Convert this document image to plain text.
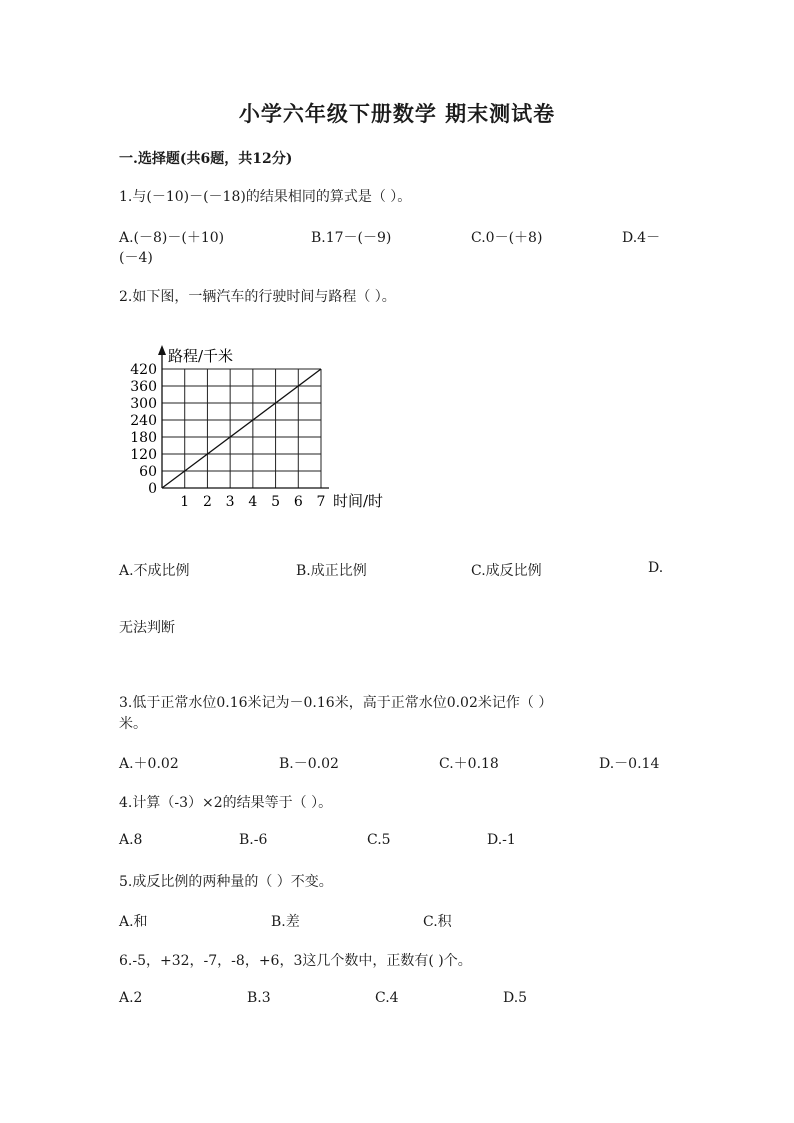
小学六年级下册数学 期末测试卷
一.选择题(共6题，共12分)
1.与(－10)－(－18)的结果相同的算式是（ ）。
A.(－8)－(＋10)	B.17－(－9)	C.0－(＋8)	D.4－
(－4)
2.如下图，一辆汽车的行驶时间与路程（ ）。
0
60
120
180
240
300
360
420
1 2 3 4 5 6 7
路程/千米
时间/时
A.不成比例	B.成正比例	C.成反比例	D.
无法判断
3.低于正常水位0.16米记为－0.16米，高于正常水位0.02米记作（ ）
米。
A.＋0.02	B.－0.02	C.＋0.18	D.－0.14
4.计算（-3）×2的结果等于（ ）。
A.8	B.-6	C.5	D.-1
5.成反比例的两种量的（ ）不变。
A.和	B.差	C.积
6.-5，+32，-7，-8，+6，3这几个数中，正数有( )个。
A.2	B.3	C.4	D.5
